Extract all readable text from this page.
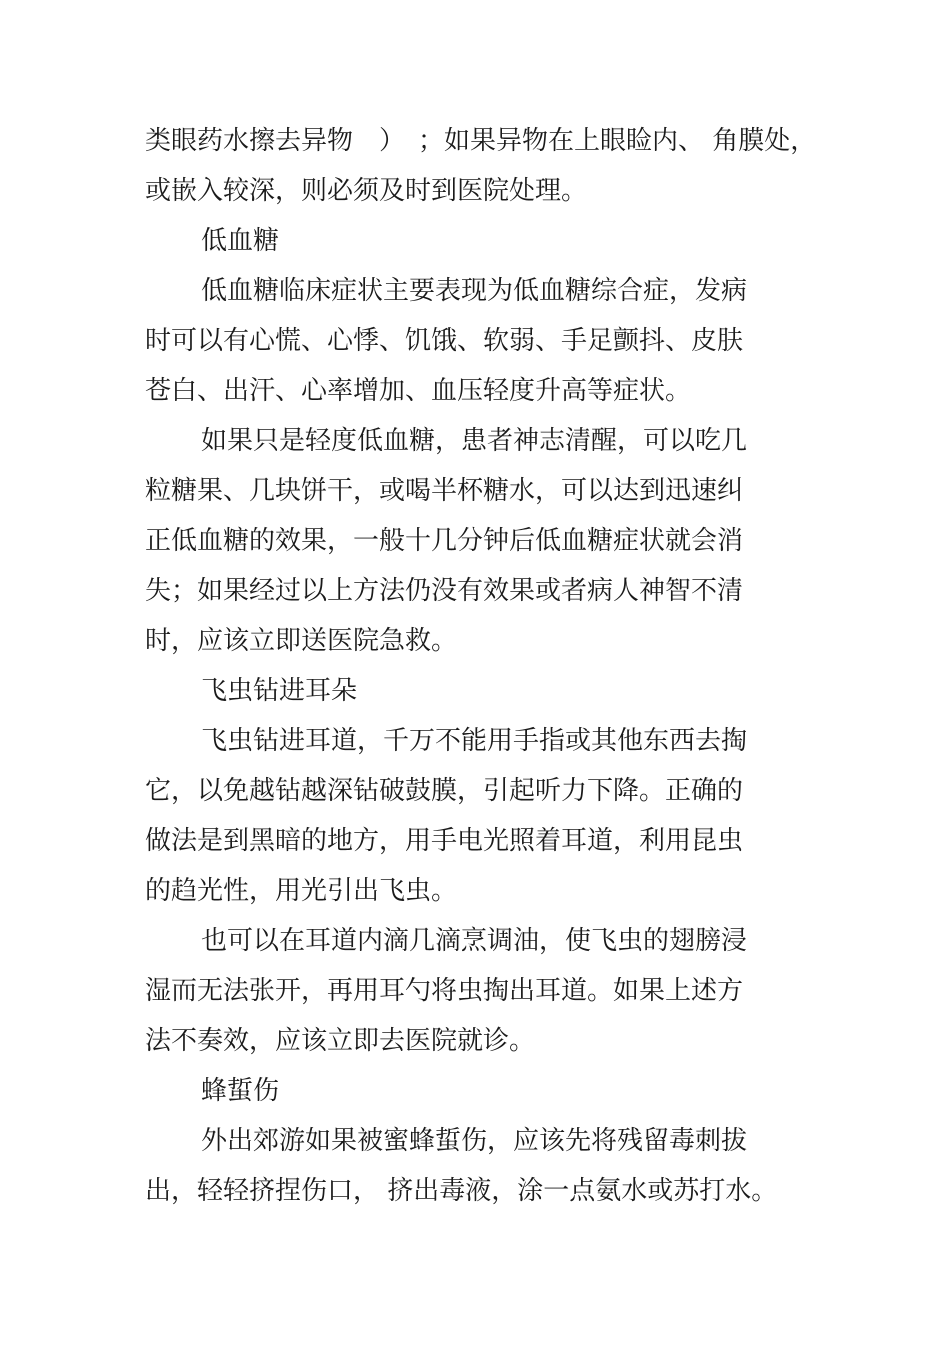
类眼药水擦去异物　）　；如果异物在上眼睑内、 角膜处，

或嵌入较深，则必须及时到医院处理。

低血糖

低血糖临床症状主要表现为低血糖综合症，发病

时可以有心慌、心悸、饥饿、软弱、手足颤抖、皮肤

苍白、出汗、心率增加、血压轻度升高等症状。

如果只是轻度低血糖，患者神志清醒，可以吃几

粒糖果、几块饼干，或喝半杯糖水，可以达到迅速纠

正低血糖的效果，一般十几分钟后低血糖症状就会消

失；如果经过以上方法仍没有效果或者病人神智不清

时，应该立即送医院急救。

飞虫钻进耳朵

飞虫钻进耳道，千万不能用手指或其他东西去掏

它，以免越钻越深钻破鼓膜，引起听力下降。正确的

做法是到黑暗的地方，用手电光照着耳道，利用昆虫

的趋光性，用光引出飞虫。

也可以在耳道内滴几滴烹调油，使飞虫的翅膀浸

湿而无法张开，再用耳勺将虫掏出耳道。如果上述方

法不奏效，应该立即去医院就诊。

蜂蜇伤

外出郊游如果被蜜蜂蜇伤，应该先将残留毒刺拔

出，轻轻挤捏伤口， 挤出毒液，涂一点氨水或苏打水。
